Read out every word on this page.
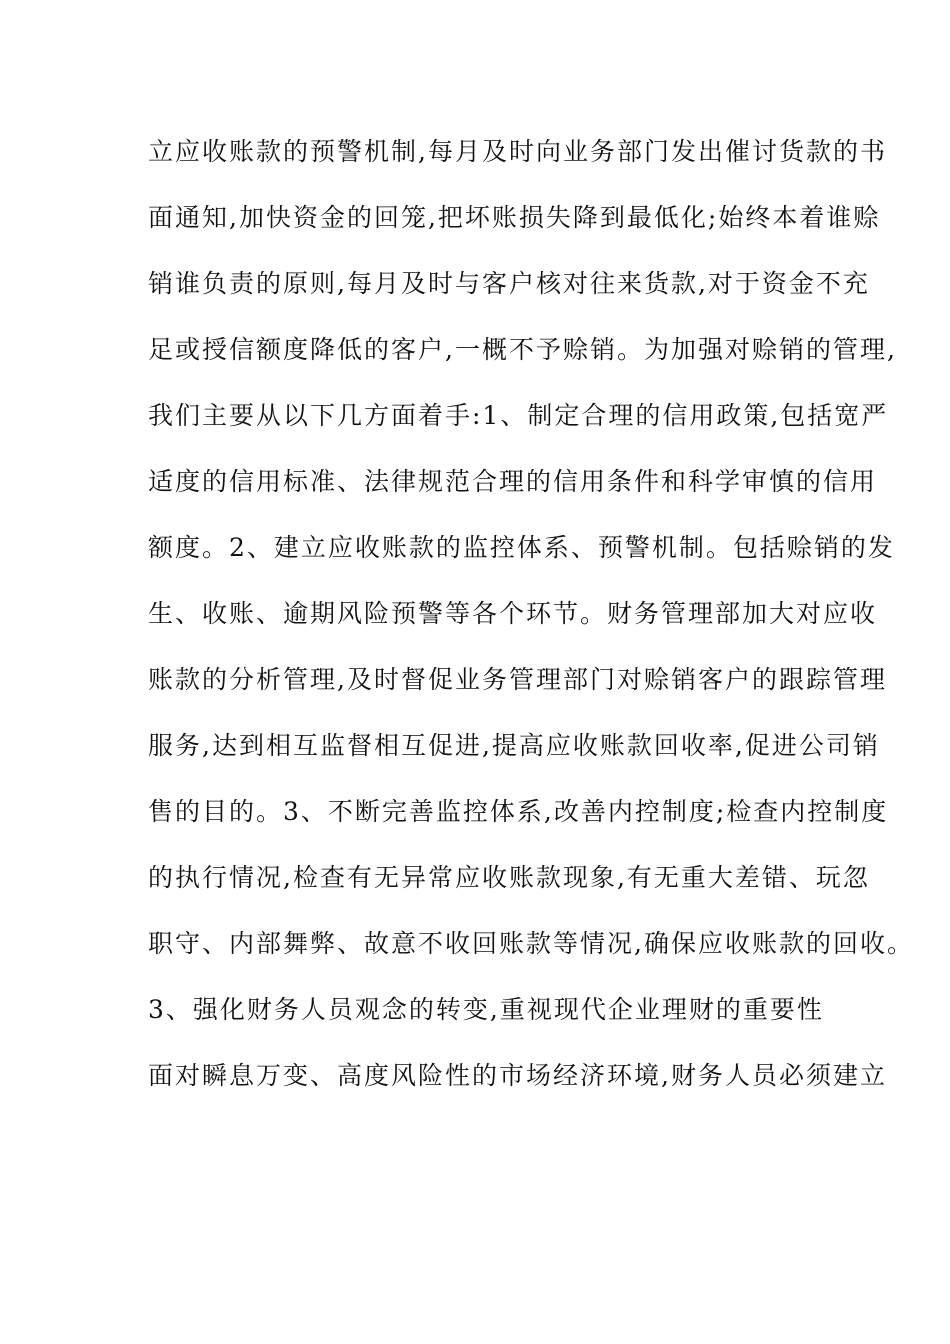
立应收账款的预警机制,每月及时向业务部门发出催讨货款的书
面通知,加快资金的回笼,把坏账损失降到最低化;始终本着谁赊
销谁负责的原则,每月及时与客户核对往来货款,对于资金不充
足或授信额度降低的客户,一概不予赊销。为加强对赊销的管理,
我们主要从以下几方面着手:1、制定合理的信用政策,包括宽严
适度的信用标准、法律规范合理的信用条件和科学审慎的信用
额度。2、建立应收账款的监控体系、预警机制。包括赊销的发
生、收账、逾期风险预警等各个环节。财务管理部加大对应收
账款的分析管理,及时督促业务管理部门对赊销客户的跟踪管理
服务,达到相互监督相互促进,提高应收账款回收率,促进公司销
售的目的。3、不断完善监控体系,改善内控制度;检查内控制度
的执行情况,检查有无异常应收账款现象,有无重大差错、玩忽
职守、内部舞弊、故意不收回账款等情况,确保应收账款的回收。
3、强化财务人员观念的转变,重视现代企业理财的重要性
面对瞬息万变、高度风险性的市场经济环境,财务人员必须建立
